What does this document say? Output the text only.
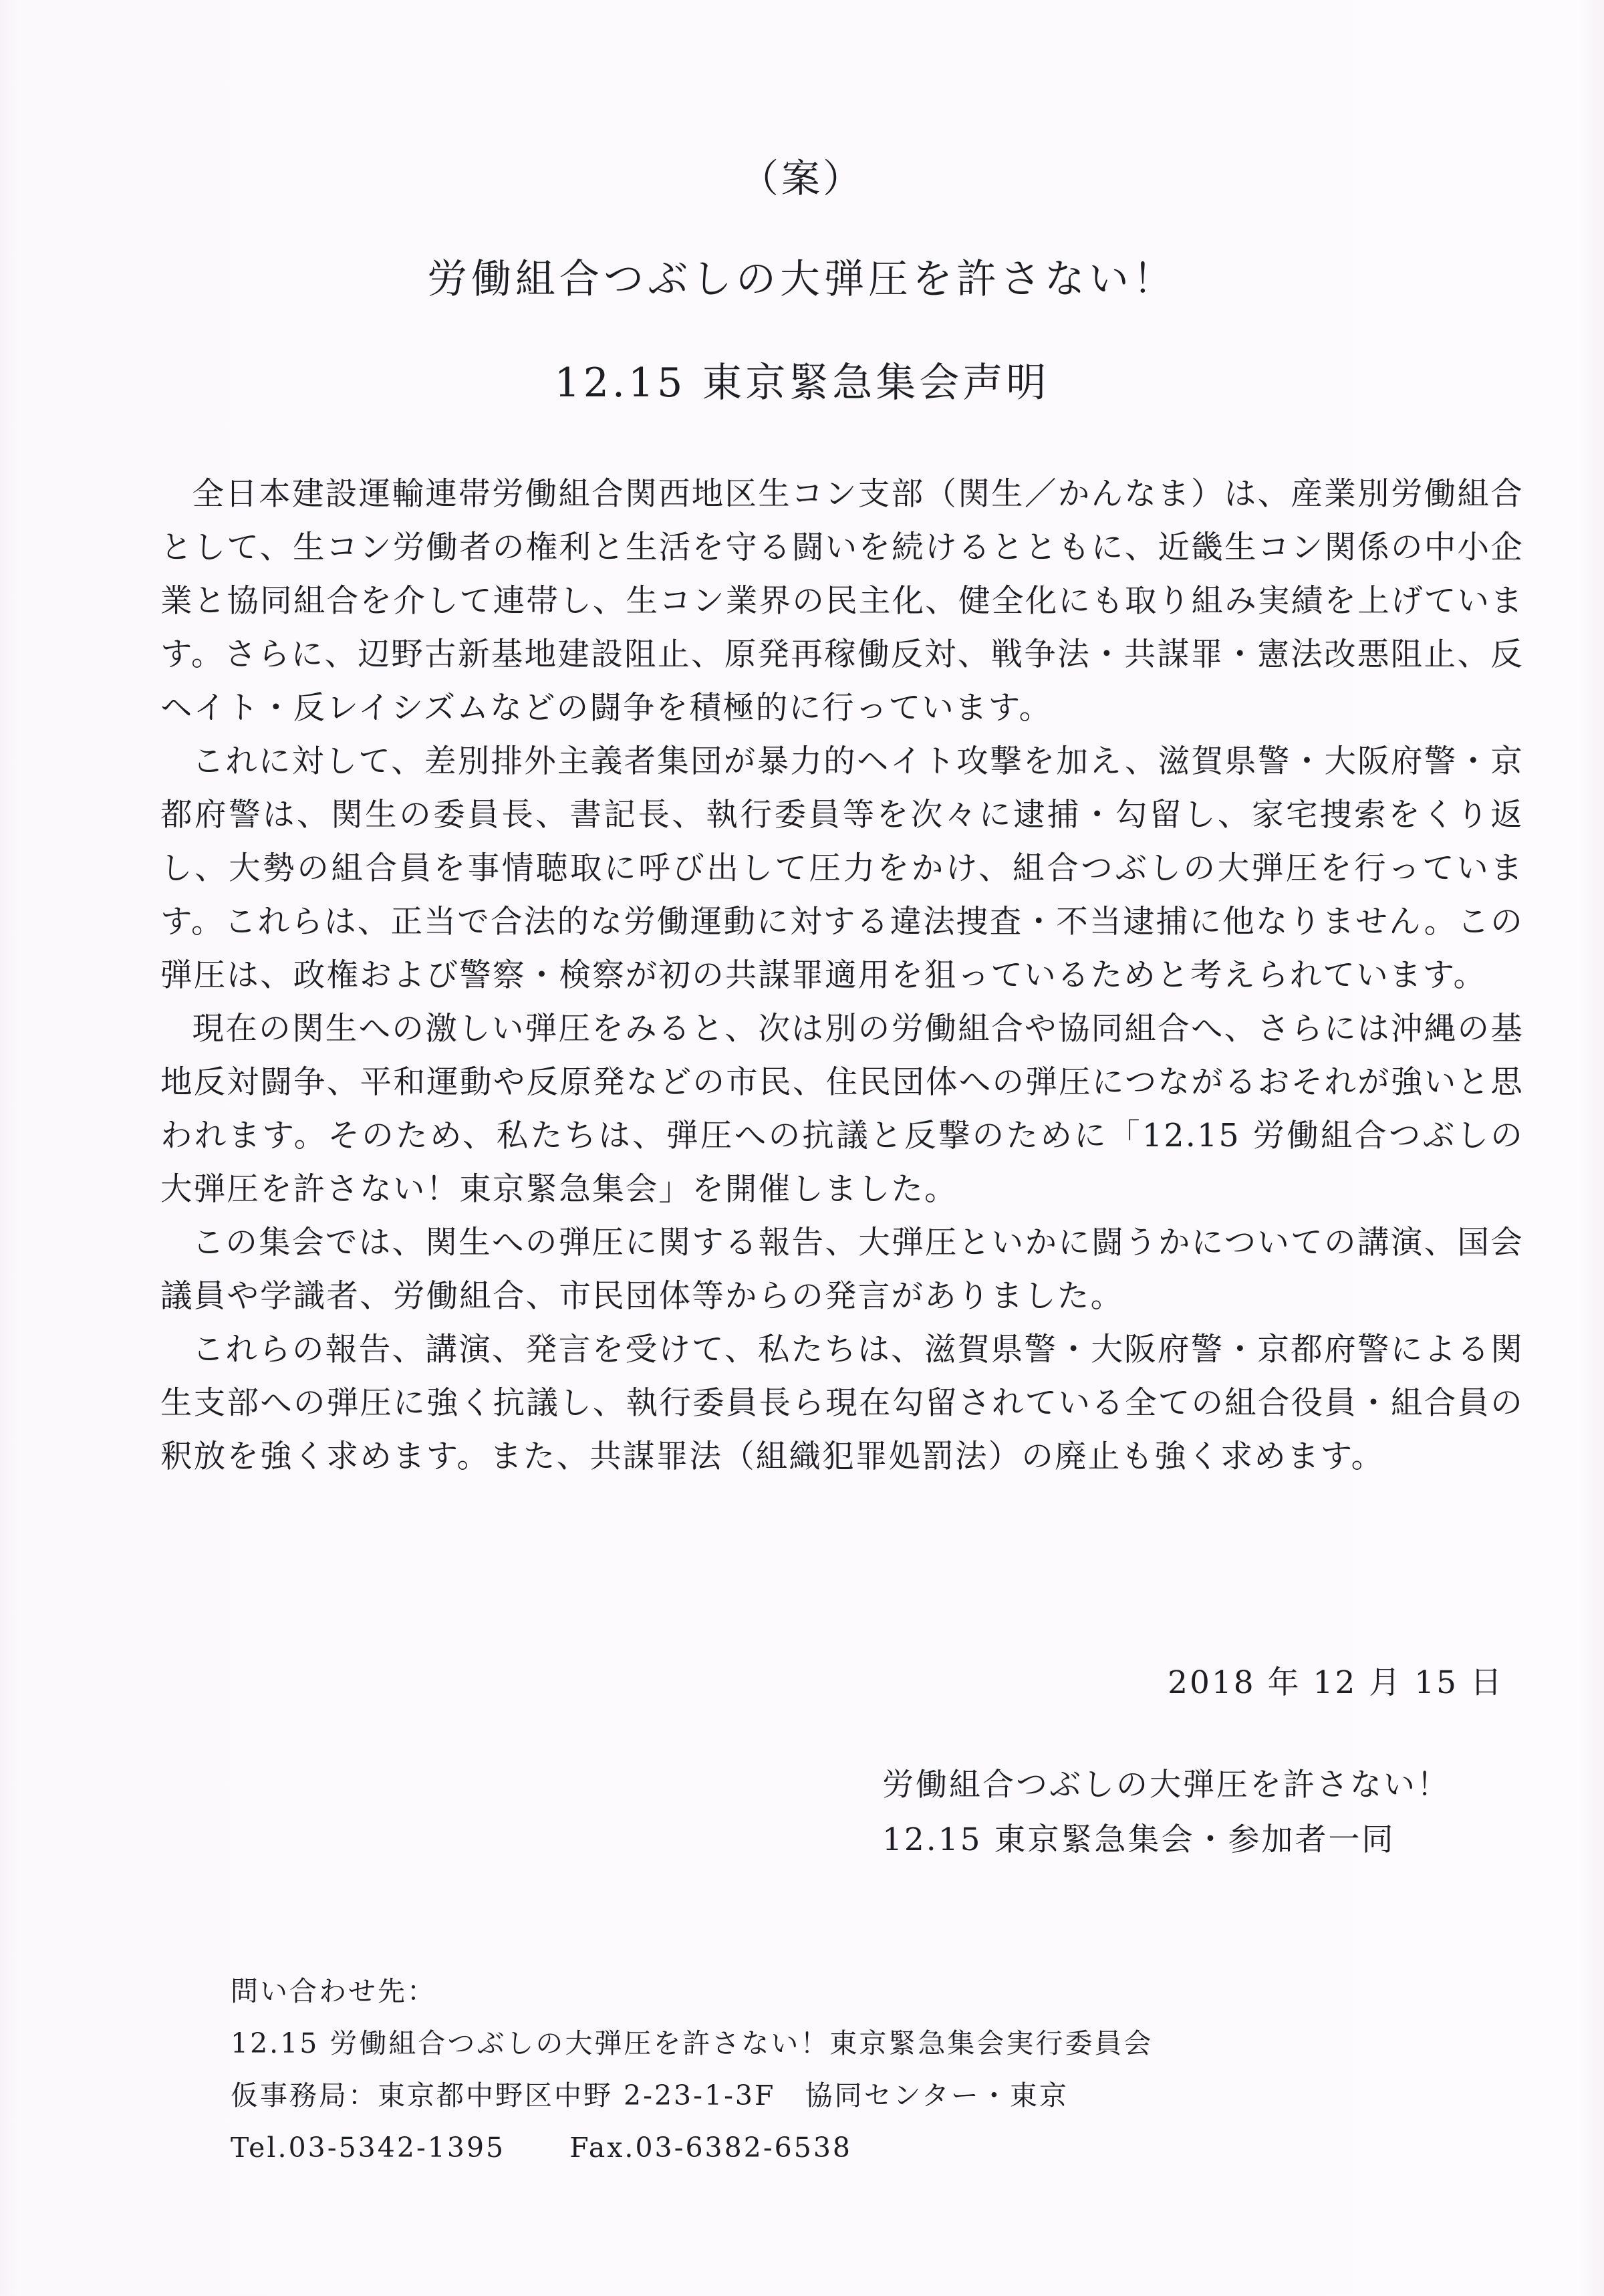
（案）
労働組合つぶしの大弾圧を許さない！
12.15 東京緊急集会声明

全日本建設運輸連帯労働組合関西地区生コン支部（関生／かんなま）は、産業別労働組合として、生コン労働者の権利と生活を守る闘いを続けるとともに、近畿生コン関係の中小企業と協同組合を介して連帯し、生コン業界の民主化、健全化にも取り組み実績を上げています。さらに、辺野古新基地建設阻止、原発再稼働反対、戦争法・共謀罪・憲法改悪阻止、反ヘイト・反レイシズムなどの闘争を積極的に行っています。

これに対して、差別排外主義者集団が暴力的ヘイト攻撃を加え、滋賀県警・大阪府警・京都府警は、関生の委員長、書記長、執行委員等を次々に逮捕・勾留し、家宅捜索をくり返し、大勢の組合員を事情聴取に呼び出して圧力をかけ、組合つぶしの大弾圧を行っています。これらは、正当で合法的な労働運動に対する違法捜査・不当逮捕に他なりません。この弾圧は、政権および警察・検察が初の共謀罪適用を狙っているためと考えられています。

現在の関生への激しい弾圧をみると、次は別の労働組合や協同組合へ、さらには沖縄の基地反対闘争、平和運動や反原発などの市民、住民団体への弾圧につながるおそれが強いと思われます。そのため、私たちは、弾圧への抗議と反撃のために「12.15 労働組合つぶしの大弾圧を許さない！東京緊急集会」を開催しました。

この集会では、関生への弾圧に関する報告、大弾圧といかに闘うかについての講演、国会議員や学識者、労働組合、市民団体等からの発言がありました。

これらの報告、講演、発言を受けて、私たちは、滋賀県警・大阪府警・京都府警による関生支部への弾圧に強く抗議し、執行委員長ら現在勾留されている全ての組合役員・組合員の釈放を強く求めます。また、共謀罪法（組織犯罪処罰法）の廃止も強く求めます。

2018 年 12 月 15 日
労働組合つぶしの大弾圧を許さない！
12.15 東京緊急集会・参加者一同
問い合わせ先：
12.15 労働組合つぶしの大弾圧を許さない！東京緊急集会実行委員会
仮事務局：東京都中野区中野 2-23-1-3F　協同センター・東京
Tel.03-5342-1395 Fax.03-6382-6538
